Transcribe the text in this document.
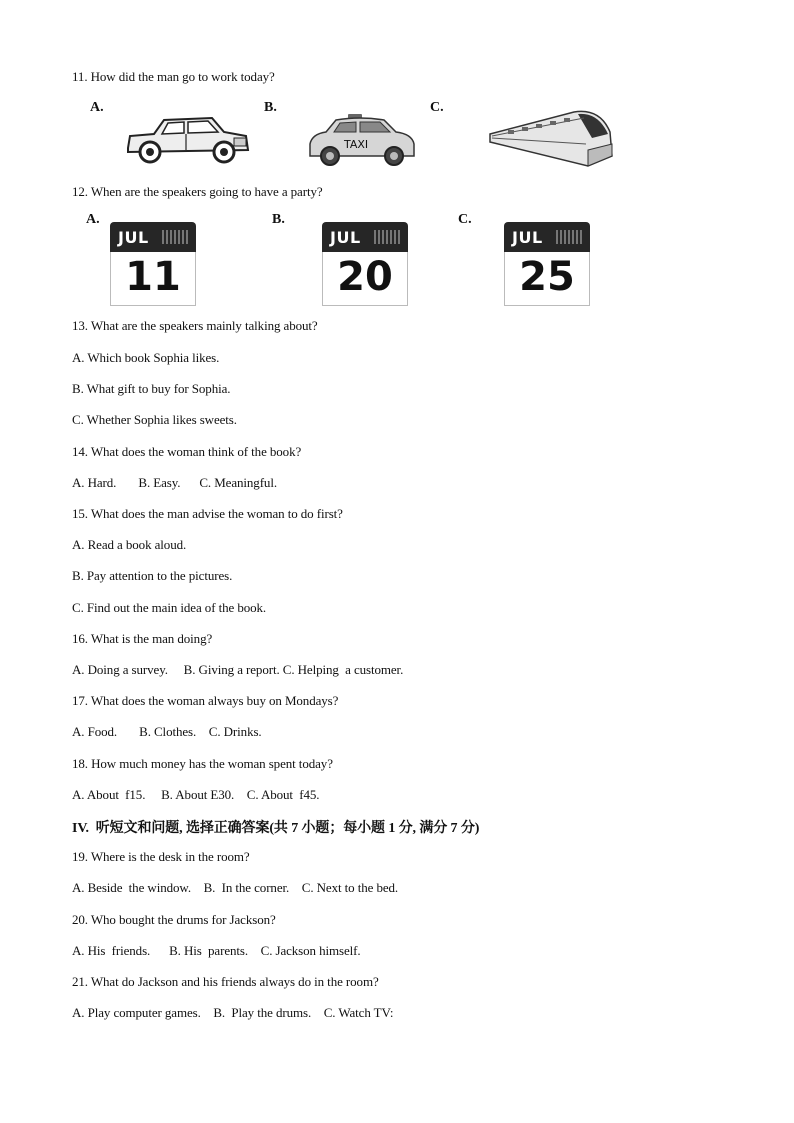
11. How did the man go to work today?
A.	B.	C.
TAXI
12. When are the speakers going to have a party?
A.	B.	C.
JUL
11
JUL
20
JUL
25
13. What are the speakers mainly talking about?
A. Which book Sophia likes.
B. What gift to buy for Sophia.
C. Whether Sophia likes sweets.
14. What does the woman think of the book?
A. Hard.       B. Easy.      C. Meaningful.
15. What does the man advise the woman to do first?
A. Read a book aloud.
B. Pay attention to the pictures.
C. Find out the main idea of the book.
16. What is the man doing?
A. Doing a survey.     B. Giving a report. C. Helping  a customer.
17. What does the woman always buy on Mondays?
A. Food.       B. Clothes.    C. Drinks.
18. How much money has the woman spent today?
A. About  f15.     B. About E30.    C. About  f45.
IV.  听短文和问题, 选择正确答案(共 7 小题；每小题 1 分, 满分 7 分)
19. Where is the desk in the room?
A. Beside  the window.    B.  In the corner.    C. Next to the bed.
20. Who bought the drums for Jackson?
A. His  friends.      B. His  parents.    C. Jackson himself.
21. What do Jackson and his friends always do in the room?
A. Play computer games.    B.  Play the drums.    C. Watch TV:
